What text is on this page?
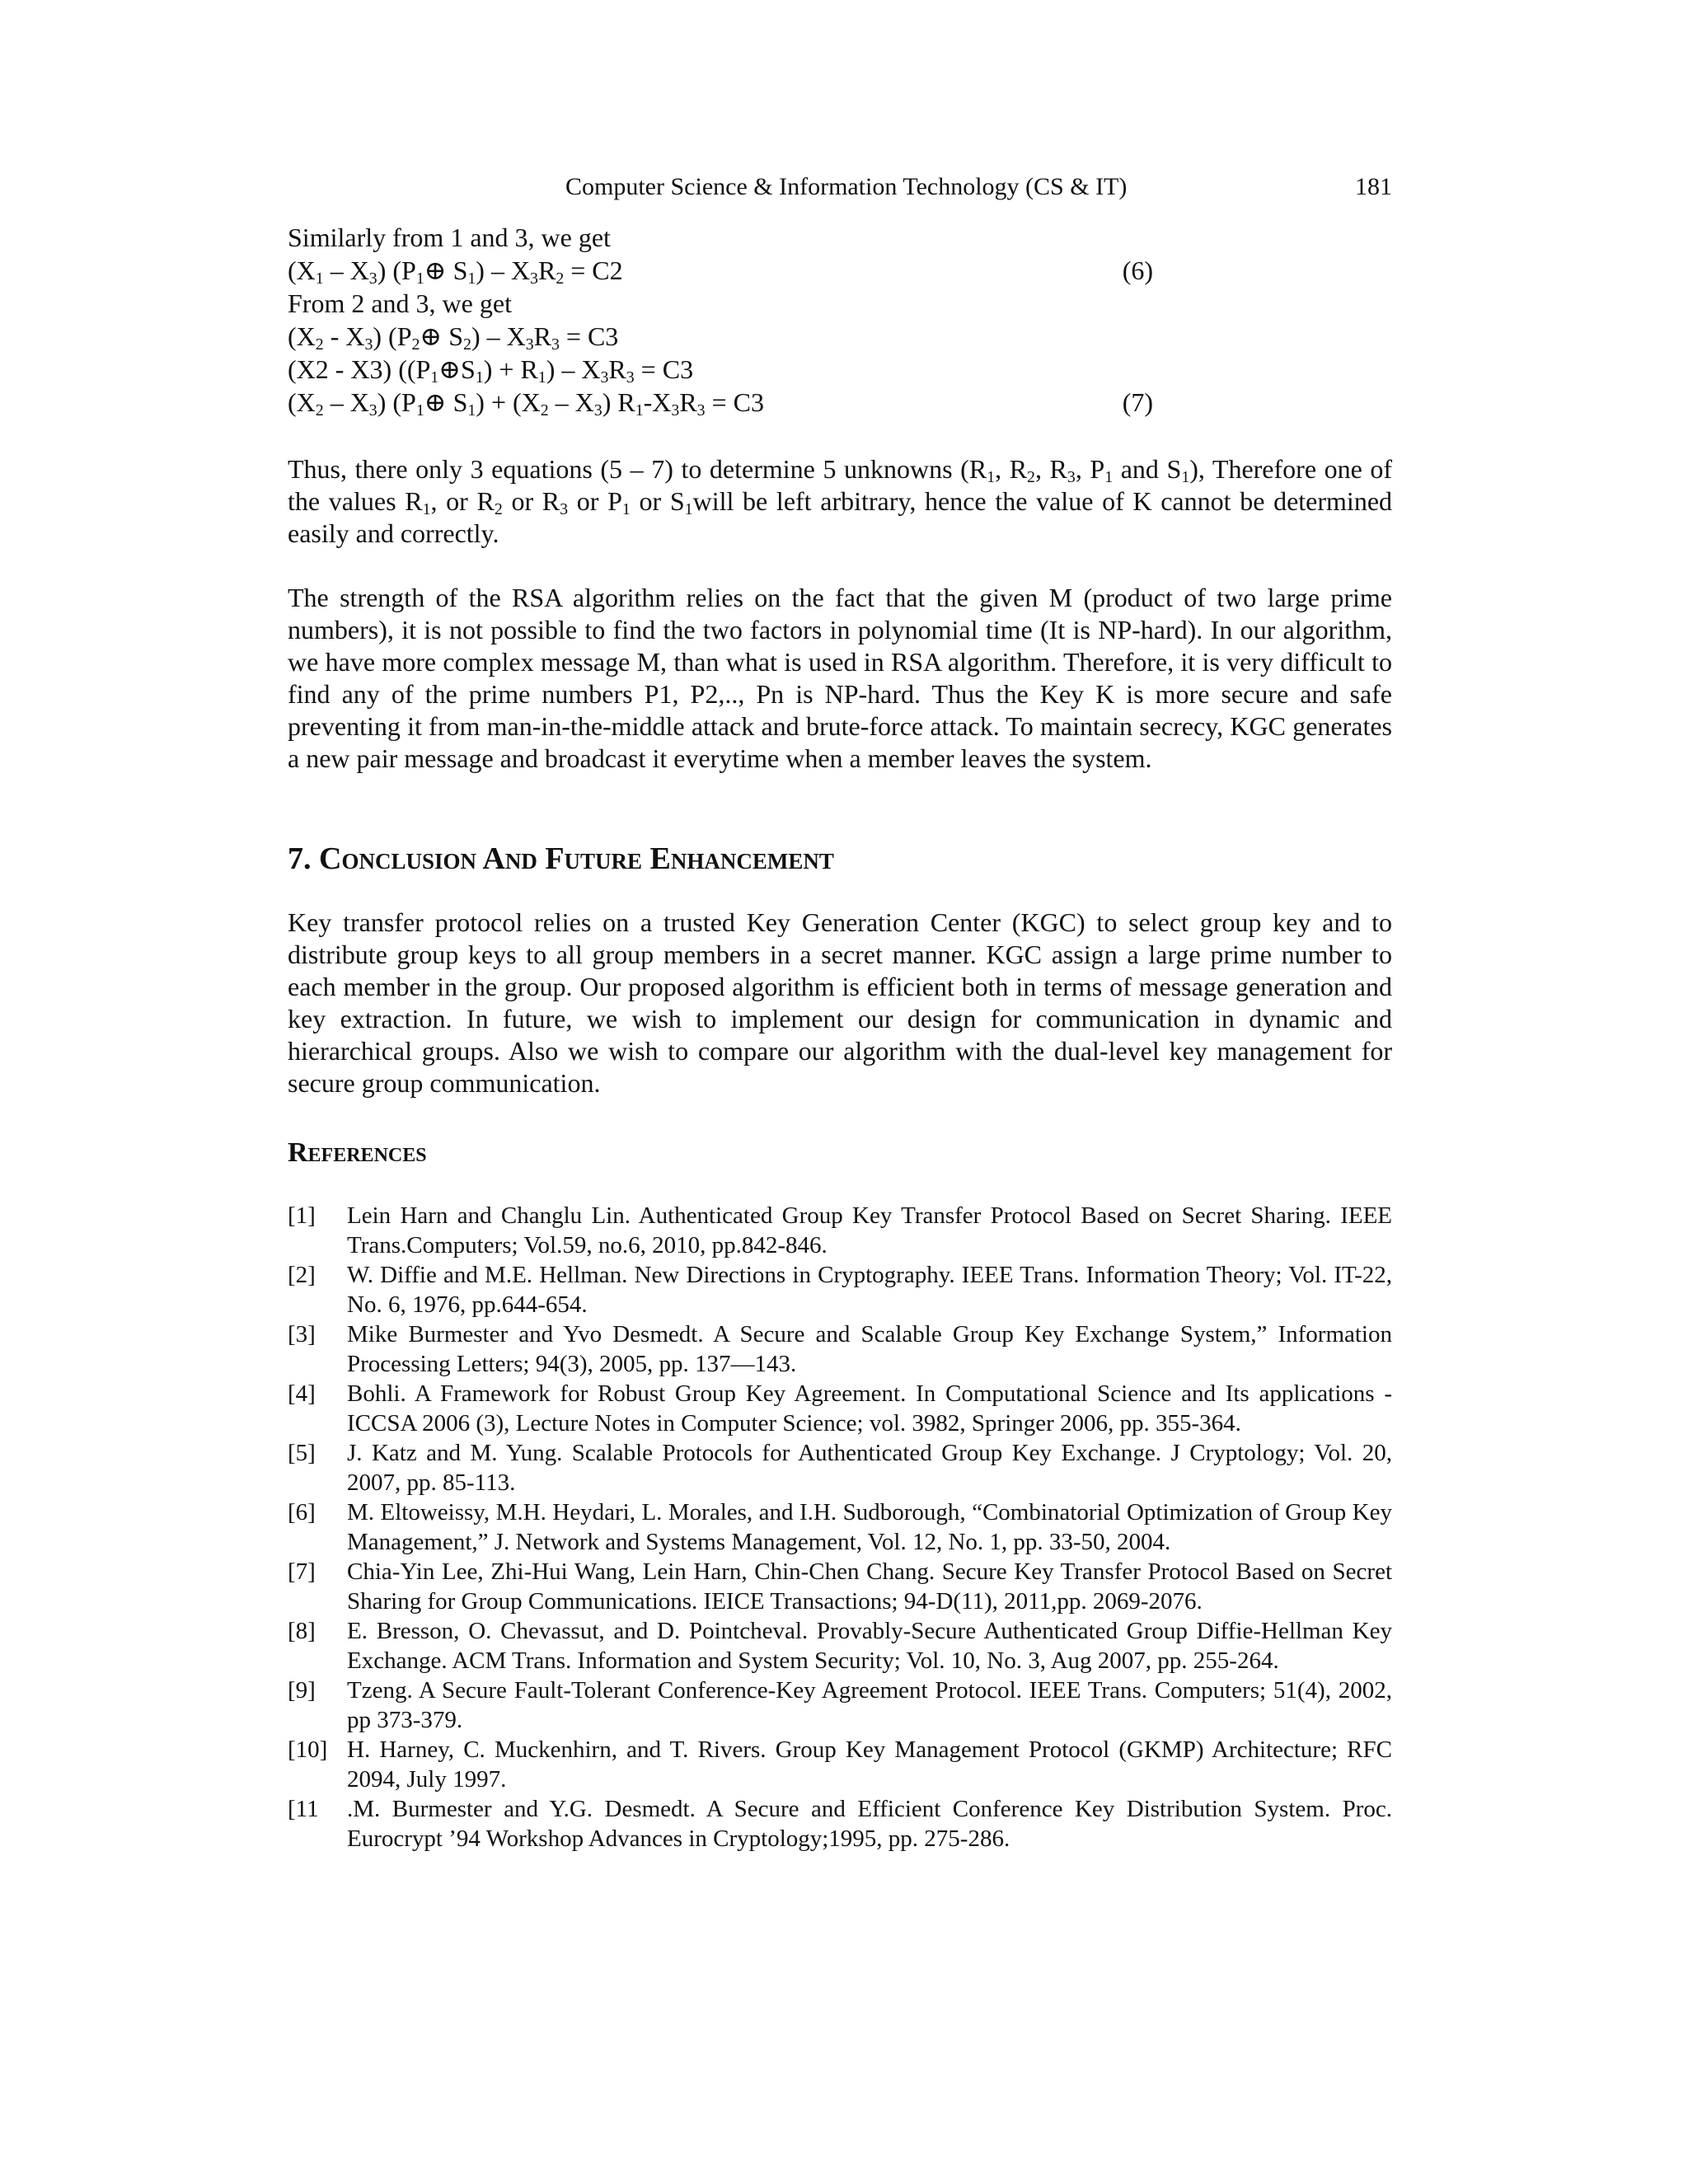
Computer Science & Information Technology (CS & IT)	181
Similarly from 1 and 3, we get
$(X_1 - X_3)$ ($P_1\oplus$ $S_1) - X_3R_2 = C2$	(6)
From 2 and 3, we get
$(X_2 - X_3)$ ($P_2\oplus$ $S_2) - X_3R_3 = C3$
(X2 - X3) $((P_1\oplus S_1) + R_1) - X_3R_3 = C3$
$(X_2 - X_3)$ ($P_1\oplus$ $S_1) + (X_2 - X_3)$ $R_1-X_3R_3 = C3$	(7)

Thus, there only 3 equations (5 – 7) to determine 5 unknowns ($R_1$, $R_2$, $R_3$, $P_1$ and $S_1$), Therefore one of the values $R_1$, or $R_2$ or $R_3$ or $P_1$ or $S_1will$ be left arbitrary, hence the value of K cannot be determined easily and correctly.

The strength of the RSA algorithm relies on the fact that the given M (product of two large prime numbers), it is not possible to find the two factors in polynomial time (It is NP-hard). In our algorithm, we have more complex message M, than what is used in RSA algorithm. Therefore, it is very difficult to find any of the prime numbers P1, P2,.., Pn is NP-hard. Thus the Key K is more secure and safe preventing it from man-in-the-middle attack and brute-force attack. To maintain secrecy, KGC generates a new pair message and broadcast it everytime when a member leaves the system.

7. Conclusion And Future Enhancement

Key transfer protocol relies on a trusted Key Generation Center (KGC) to select group key and to distribute group keys to all group members in a secret manner. KGC assign a large prime number to each member in the group. Our proposed algorithm is efficient both in terms of message generation and key extraction. In future, we wish to implement our design for communication in dynamic and hierarchical groups. Also we wish to compare our algorithm with the dual-level key management for secure group communication.

References
[1] Lein Harn and Changlu Lin. Authenticated Group Key Transfer Protocol Based on Secret Sharing. IEEE Trans.Computers; Vol.59, no.6, 2010, pp.842-846.
[2] W. Diffie and M.E. Hellman. New Directions in Cryptography. IEEE Trans. Information Theory; Vol. IT-22, No. 6, 1976, pp.644-654.
[3] Mike Burmester and Yvo Desmedt. A Secure and Scalable Group Key Exchange System,” Information Processing Letters; 94(3), 2005, pp. 137—143.
[4] Bohli. A Framework for Robust Group Key Agreement. In Computational Science and Its applications - ICCSA 2006 (3), Lecture Notes in Computer Science; vol. 3982, Springer 2006, pp. 355-364.
[5] J. Katz and M. Yung. Scalable Protocols for Authenticated Group Key Exchange. J Cryptology; Vol. 20, 2007, pp. 85-113.
[6] M. Eltoweissy, M.H. Heydari, L. Morales, and I.H. Sudborough, “Combinatorial Optimization of Group Key Management,” J. Network and Systems Management, Vol. 12, No. 1, pp. 33-50, 2004.
[7] Chia-Yin Lee, Zhi-Hui Wang, Lein Harn, Chin-Chen Chang. Secure Key Transfer Protocol Based on Secret Sharing for Group Communications. IEICE Transactions; 94-D(11), 2011,pp. 2069-2076.
[8] E. Bresson, O. Chevassut, and D. Pointcheval. Provably-Secure Authenticated Group Diffie-Hellman Key Exchange. ACM Trans. Information and System Security; Vol. 10, No. 3, Aug 2007, pp. 255-264.
[9] Tzeng. A Secure Fault-Tolerant Conference-Key Agreement Protocol. IEEE Trans. Computers; 51(4), 2002, pp 373-379.
[10] H. Harney, C. Muckenhirn, and T. Rivers. Group Key Management Protocol (GKMP) Architecture; RFC 2094, July 1997.
[11 .M. Burmester and Y.G. Desmedt. A Secure and Efficient Conference Key Distribution System. Proc. Eurocrypt ’94 Workshop Advances in Cryptology;1995, pp. 275-286.
